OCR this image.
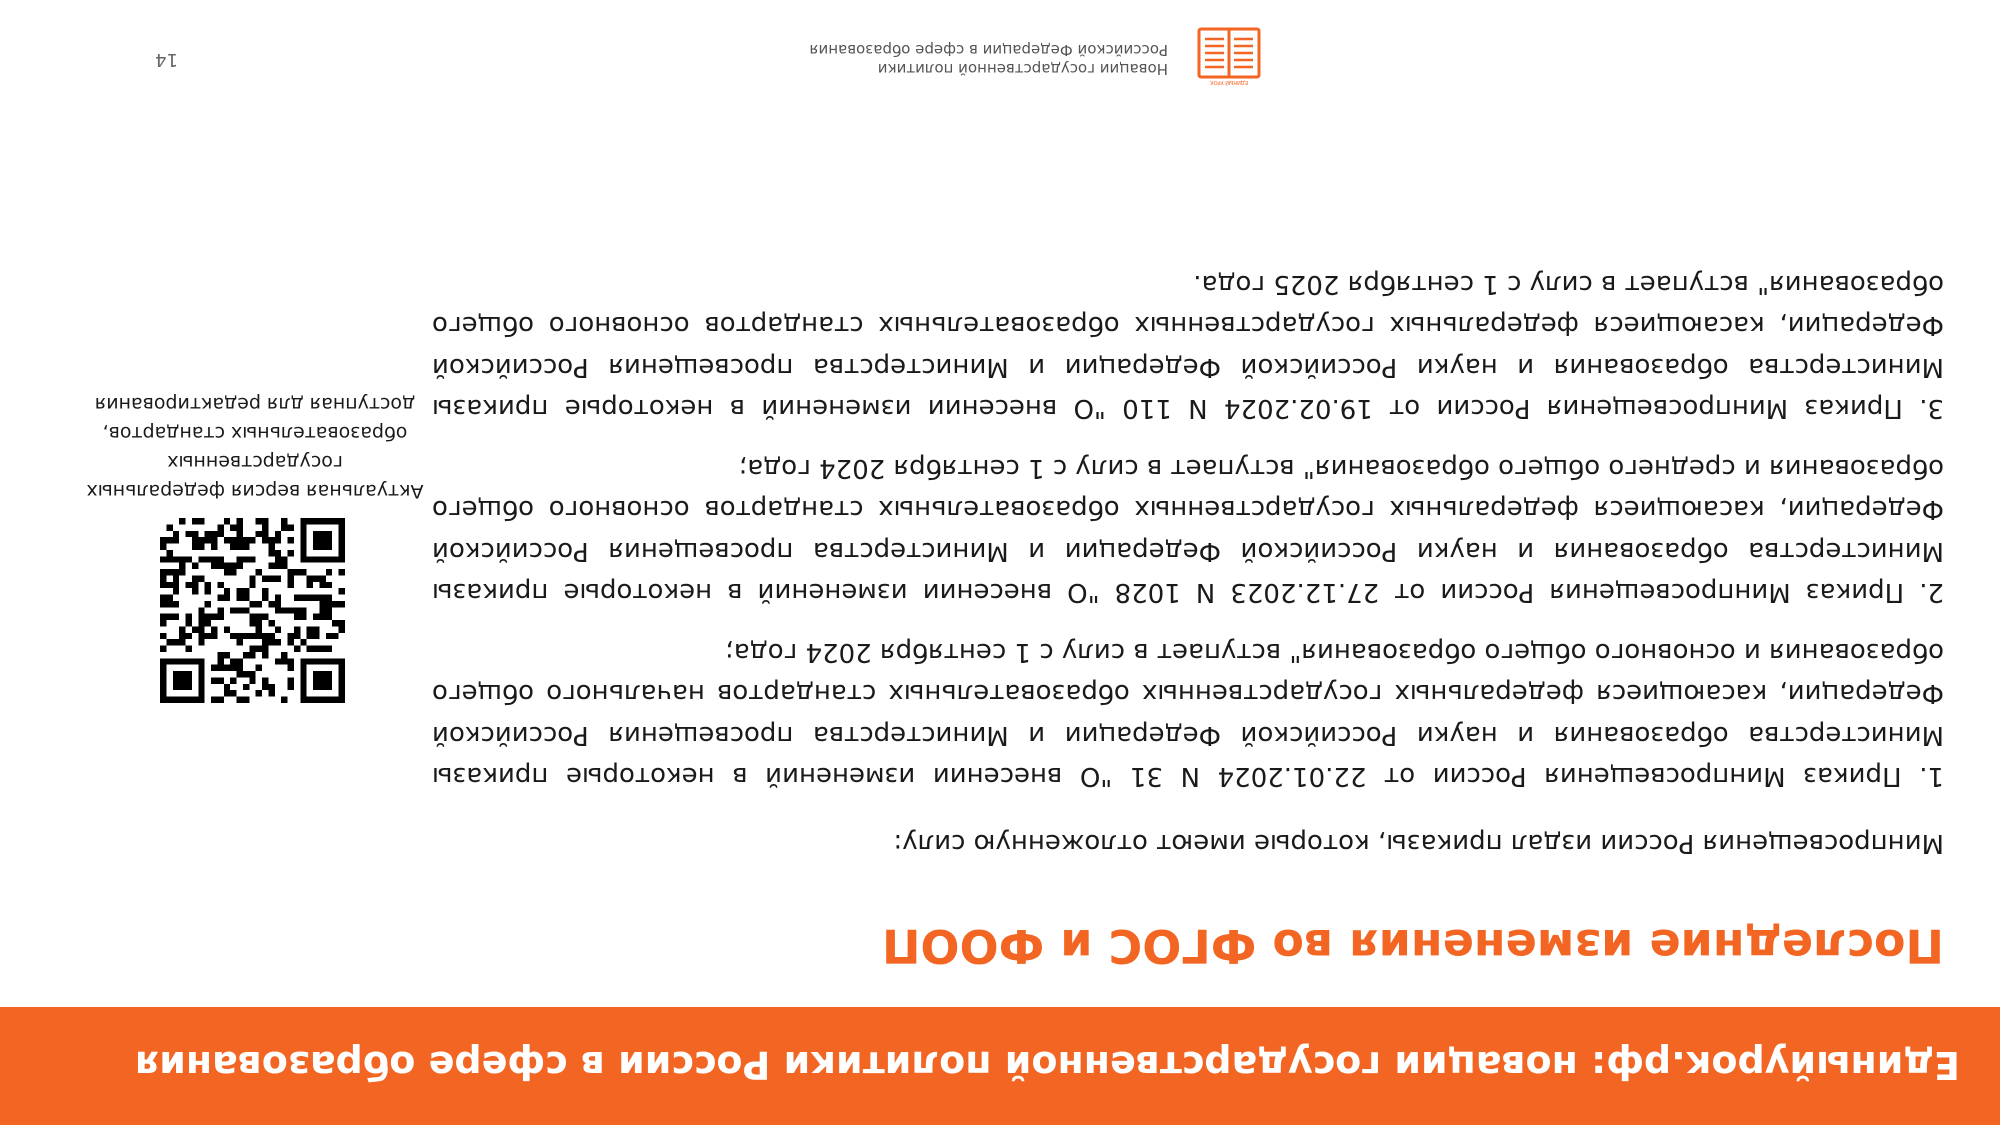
Единыйурок.рф: новации государственной политики России в сфере образования
Последние изменения во ФГОС и ФООП

Минпросвещения России издал приказы, которые имеют отложенную силу:

1. Приказ Минпросвещения России от 22.01.2024 N 31 "О внесении изменений в некоторые приказы Министерства образования и науки Российской Федерации и Министерства просвещения Российской Федерации, касающиеся федеральных государственных образовательных стандартов начального общего образования и основного общего образования" вступает в силу с 1 сентября 2024 года;

2. Приказ Минпросвещения России от 27.12.2023 N 1028 "О внесении изменений в некоторые приказы Министерства образования и науки Российской Федерации и Министерства просвещения Российской Федерации, касающиеся федеральных государственных образовательных стандартов основного общего образования и среднего общего образования" вступает в силу с 1 сентября 2024 года;

3. Приказ Минпросвещения России от 19.02.2024 N 110 "О внесении изменений в некоторые приказы Министерства образования и науки Российской Федерации и Министерства просвещения Российской Федерации, касающиеся федеральных государственных образовательных стандартов основного общего образования" вступает в силу с 1 сентября 2025 года.

Актуальная версия федеральных государственных образовательных стандартов, доступная для редактирования

ЕДИНЫЙ УРОК
Новации государственной политики
Российской Федерации в сфере образования

14
